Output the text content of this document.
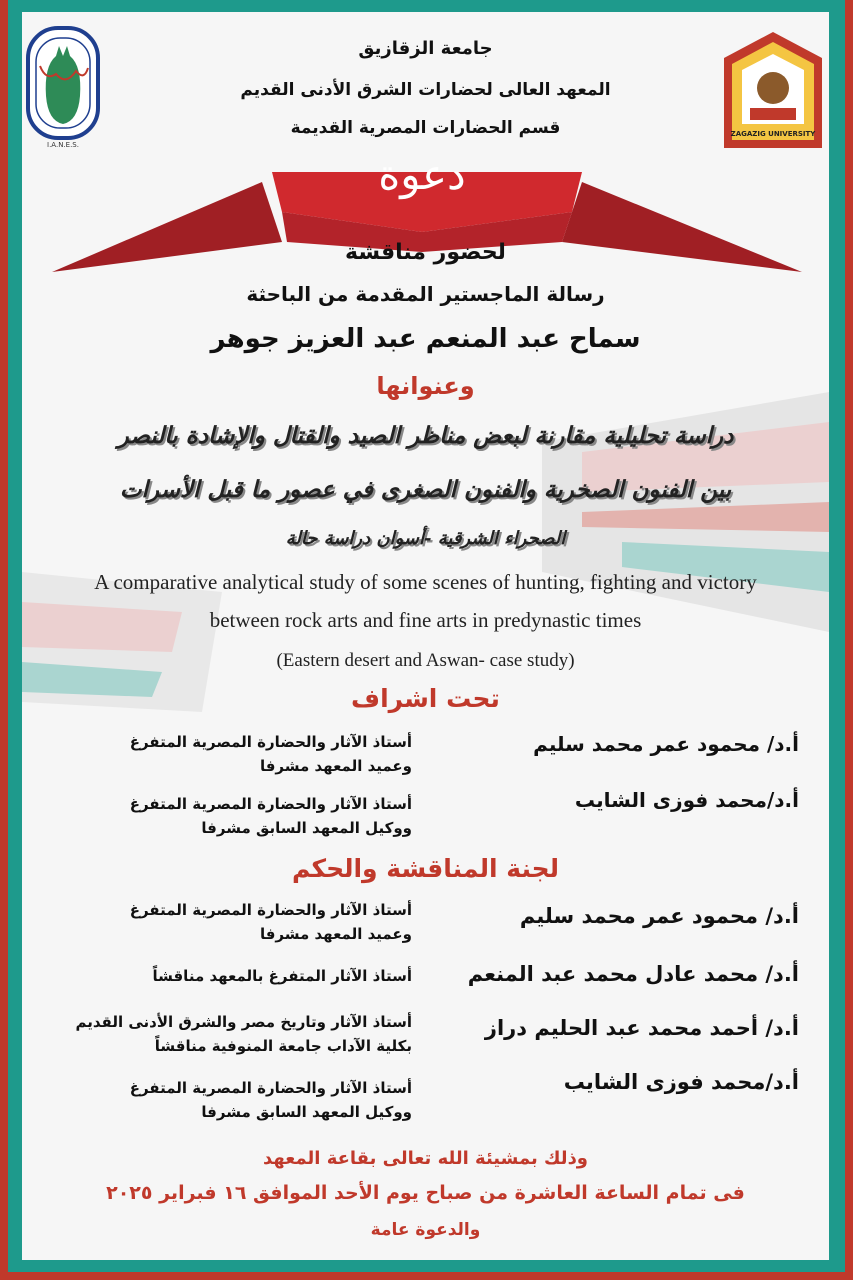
I.A.N.E.S.
ZAGAZIG UNIVERSITY
جامعة الزقازيق
المعهد العالى لحضارات الشرق الأدنى القديم
قسم الحضارات المصرية القديمة
دعوة
لحضور مناقشة
رسالة الماجستير المقدمة من الباحثة
سماح عبد المنعم عبد العزيز جوهر
وعنوانها
دراسة تحليلية مقارنة لبعض مناظر الصيد والقتال والإشادة بالنصر
بين الفنون الصخرية والفنون الصغرى في عصور ما قبل الأسرات
الصحراء الشرقية -أسوان دراسة حالة
A comparative analytical study of some scenes of hunting, fighting and victory
between rock arts and fine arts in predynastic times
(Eastern desert and Aswan- case study)
تحت اشراف
أ.د/ محمود عمر محمد سليم
أستاذ الآثار والحضارة المصرية المتفرغ
وعميد المعهد مشرفا
أ.د/محمد فوزى الشايب
أستاذ الآثار والحضارة المصرية المتفرغ
ووكيل المعهد السابق مشرفا
لجنة المناقشة والحكم
أ.د/ محمود عمر محمد سليم
أستاذ الآثار والحضارة المصرية المتفرغ
وعميد المعهد مشرفا
أ.د/ محمد عادل محمد عبد المنعم
أستاذ الآثار المتفرغ بالمعهد مناقشاً
أ.د/ أحمد محمد عبد الحليم دراز
أستاذ الآثار وتاريخ مصر والشرق الأدنى القديم
بكلية الآداب جامعة المنوفية مناقشاً
أ.د/محمد فوزى الشايب
أستاذ الآثار والحضارة المصرية المتفرغ
ووكيل المعهد السابق مشرفا
وذلك بمشيئة الله تعالى بقاعة المعهد
فى تمام الساعة العاشرة من صباح يوم الأحد الموافق ١٦ فبراير ٢٠٢٥
والدعوة عامة
